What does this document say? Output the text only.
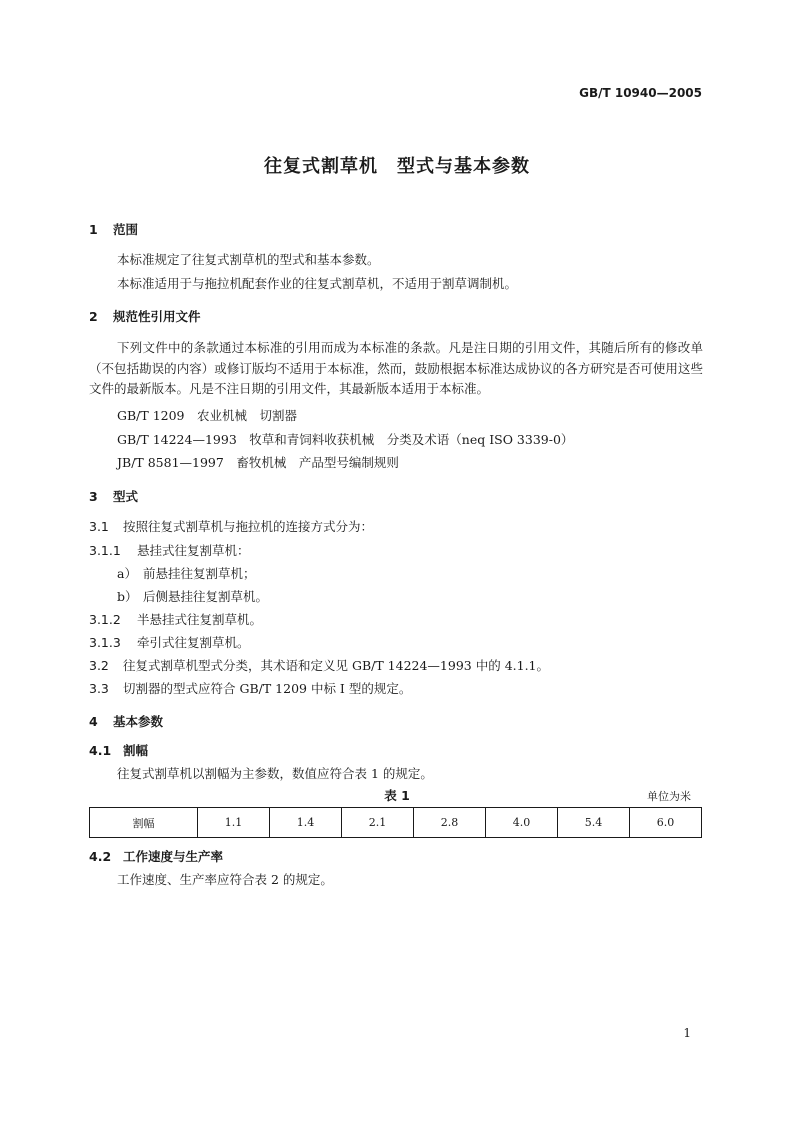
GB/T 10940—2005
往复式割草机　型式与基本参数
1 范围
本标准规定了往复式割草机的型式和基本参数。
本标准适用于与拖拉机配套作业的往复式割草机，不适用于割草调制机。
2 规范性引用文件
下列文件中的条款通过本标准的引用而成为本标准的条款。凡是注日期的引用文件，其随后所有的修改单（不包括勘误的内容）或修订版均不适用于本标准，然而，鼓励根据本标准达成协议的各方研究是否可使用这些文件的最新版本。凡是不注日期的引用文件，其最新版本适用于本标准。
GB/T 1209　农业机械　切割器
GB/T 14224—1993　牧草和青饲料收获机械　分类及术语（neq ISO 3339-0）
JB/T 8581—1997　畜牧机械　产品型号编制规则
3 型式
3.1 按照往复式割草机与拖拉机的连接方式分为：
3.1.1 悬挂式往复割草机：
a） 前悬挂往复割草机；
b） 后侧悬挂往复割草机。
3.1.2 半悬挂式往复割草机。
3.1.3 牵引式往复割草机。
3.2 往复式割草机型式分类，其术语和定义见 GB/T 14224—1993 中的 4.1.1。
3.3 切割器的型式应符合 GB/T 1209 中标 Ⅰ 型的规定。
4 基本参数
4.1 割幅
往复式割草机以割幅为主参数，数值应符合表 1 的规定。
表 1	单位为米
割幅	1.1	1.4	2.1	2.8	4.0	5.4	6.0
4.2 工作速度与生产率
工作速度、生产率应符合表 2 的规定。
1
